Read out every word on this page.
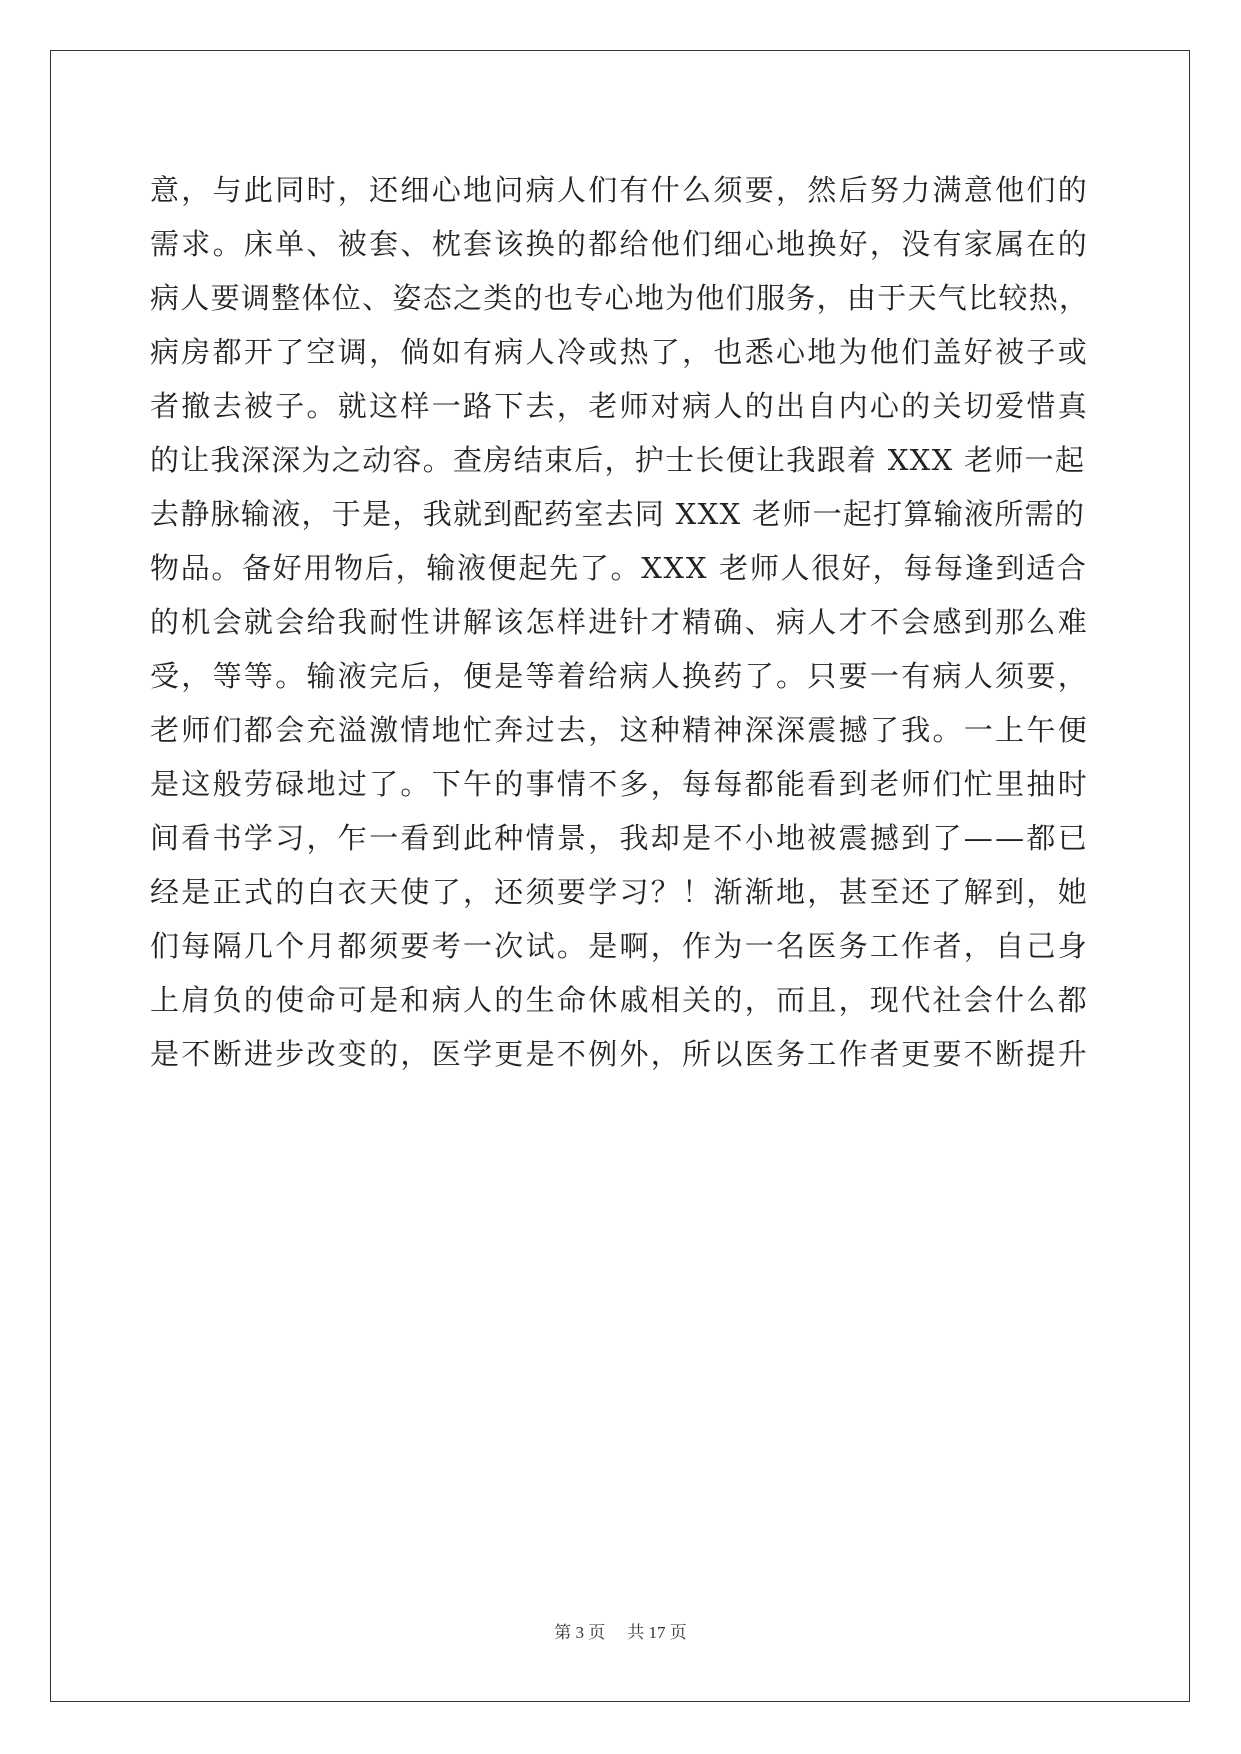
意，与此同时，还细心地问病人们有什么须要，然后努力满意他们的
需求。床单、被套、枕套该换的都给他们细心地换好，没有家属在的
病人要调整体位、姿态之类的也专心地为他们服务，由于天气比较热，
病房都开了空调，倘如有病人冷或热了，也悉心地为他们盖好被子或
者撤去被子。就这样一路下去，老师对病人的出自内心的关切爱惜真
的让我深深为之动容。查房结束后，护士长便让我跟着 XXX 老师一起
去静脉输液，于是，我就到配药室去同 XXX 老师一起打算输液所需的
物品。备好用物后，输液便起先了。XXX 老师人很好，每每逢到适合
的机会就会给我耐性讲解该怎样进针才精确、病人才不会感到那么难
受，等等。输液完后，便是等着给病人换药了。只要一有病人须要，
老师们都会充溢激情地忙奔过去，这种精神深深震撼了我。一上午便
是这般劳碌地过了。下午的事情不多，每每都能看到老师们忙里抽时
间看书学习，乍一看到此种情景，我却是不小地被震撼到了——都已
经是正式的白衣天使了，还须要学习？！渐渐地，甚至还了解到，她
们每隔几个月都须要考一次试。是啊，作为一名医务工作者，自己身
上肩负的使命可是和病人的生命休戚相关的，而且，现代社会什么都
是不断进步改变的，医学更是不例外，所以医务工作者更要不断提升
第 3 页 共 17 页
